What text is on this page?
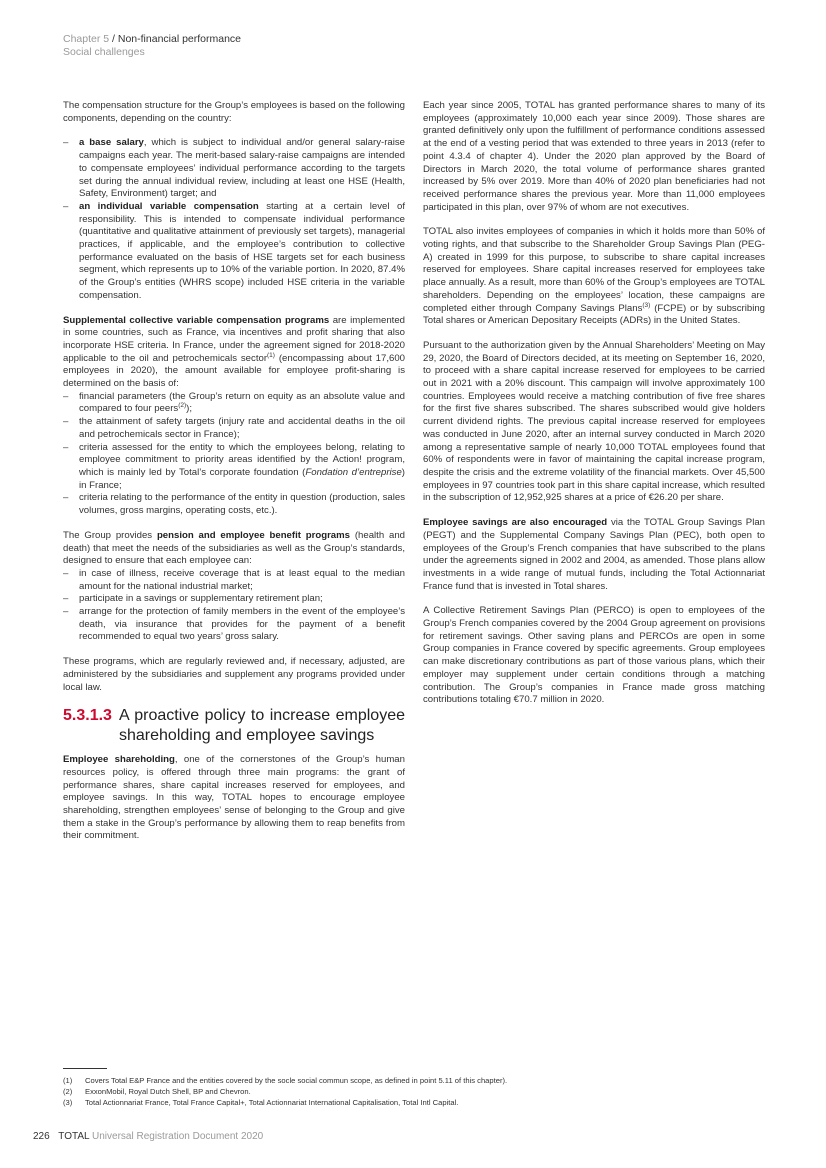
Chapter 5 / Non-financial performance
Social challenges

The compensation structure for the Group’s employees is based on the following components, depending on the country:

– a base salary, which is subject to individual and/or general salary-raise campaigns each year. The merit-based salary-raise campaigns are intended to compensate employees’ individual performance according to the targets set during the annual individual review, including at least one HSE (Health, Safety, Environment) target; and
– an individual variable compensation starting at a certain level of responsibility. This is intended to compensate individual performance (quantitative and qualitative attainment of previously set targets), managerial practices, if applicable, and the employee’s contribution to collective performance evaluated on the basis of HSE targets set for each business segment, which represents up to 10% of the variable portion. In 2020, 87.4% of the Group’s entities (WHRS scope) included HSE criteria in the variable compensation.

Supplemental collective variable compensation programs are implemented in some countries, such as France, via incentives and profit sharing that also incorporate HSE criteria. In France, under the agreement signed for 2018-2020 applicable to the oil and petrochemicals sector$^{(1)}$ (encompassing about 17,600 employees in 2020), the amount available for employee profit-sharing is determined on the basis of:

– financial parameters (the Group’s return on equity as an absolute value and compared to four peers$^{(2)}$);
– the attainment of safety targets (injury rate and accidental deaths in the oil and petrochemicals sector in France);
– criteria assessed for the entity to which the employees belong, relating to employee commitment to priority areas identified by the Action! program, which is mainly led by Total’s corporate foundation (Fondation d’entreprise) in France;
– criteria relating to the performance of the entity in question (production, sales volumes, gross margins, operating costs, etc.).

The Group provides pension and employee benefit programs (health and death) that meet the needs of the subsidiaries as well as the Group’s standards, designed to ensure that each employee can:

– in case of illness, receive coverage that is at least equal to the median amount for the national industrial market;
– participate in a savings or supplementary retirement plan;
– arrange for the protection of family members in the event of the employee’s death, via insurance that provides for the payment of a benefit recommended to equal two years’ gross salary.

These programs, which are regularly reviewed and, if necessary, adjusted, are administered by the subsidiaries and supplement any programs provided under local law.

5.3.1.3 A proactive policy to increase employee shareholding and employee savings

Employee shareholding, one of the cornerstones of the Group’s human resources policy, is offered through three main programs: the grant of performance shares, share capital increases reserved for employees, and employee savings. In this way, TOTAL hopes to encourage employee shareholding, strengthen employees’ sense of belonging to the Group and give them a stake in the Group’s performance by allowing them to reap benefits from their commitment.

Each year since 2005, TOTAL has granted performance shares to many of its employees (approximately 10,000 each year since 2009). Those shares are granted definitively only upon the fulfillment of performance conditions assessed at the end of a vesting period that was extended to three years in 2013 (refer to point 4.3.4 of chapter 4). Under the 2020 plan approved by the Board of Directors in March 2020, the total volume of performance shares granted increased by 5% over 2019. More than 40% of 2020 plan beneficiaries had not received performance shares the previous year. More than 11,000 employees participated in this plan, over 97% of whom are not executives.

TOTAL also invites employees of companies in which it holds more than 50% of voting rights, and that subscribe to the Shareholder Group Savings Plan (PEG-A) created in 1999 for this purpose, to subscribe to share capital increases reserved for employees. Share capital increases reserved for employees take place annually. As a result, more than 60% of the Group’s employees are TOTAL shareholders. Depending on the employees’ location, these campaigns are completed either through Company Savings Plans$^{(3)}$ (FCPE) or by subscribing Total shares or American Depositary Receipts (ADRs) in the United States.

Pursuant to the authorization given by the Annual Shareholders’ Meeting on May 29, 2020, the Board of Directors decided, at its meeting on September 16, 2020, to proceed with a share capital increase reserved for employees to be carried out in 2021 with a 20% discount. This campaign will involve approximately 100 countries. Employees would receive a matching contribution of five free shares for the first five shares subscribed. The shares subscribed would give holders current dividend rights. The previous capital increase reserved for employees was conducted in June 2020, after an internal survey conducted in March 2020 among a representative sample of nearly 10,000 TOTAL employees found that 60% of respondents were in favor of maintaining the capital increase program, despite the crisis and the extreme volatility of the financial markets. Over 45,500 employees in 97 countries took part in this share capital increase, which resulted in the subscription of 12,952,925 shares at a price of €26.20 per share.

Employee savings are also encouraged via the TOTAL Group Savings Plan (PEGT) and the Supplemental Company Savings Plan (PEC), both open to employees of the Group’s French companies that have subscribed to the plans under the agreements signed in 2002 and 2004, as amended. Those plans allow investments in a wide range of mutual funds, including the Total Actionnariat France fund that is invested in Total shares.

A Collective Retirement Savings Plan (PERCO) is open to employees of the Group’s French companies covered by the 2004 Group agreement on provisions for retirement savings. Other saving plans and PERCOs are open in some Group companies in France covered by specific agreements. Group employees can make discretionary contributions as part of those various plans, which their employer may supplement under certain conditions through a matching contribution. The Group’s companies in France made gross matching contributions totaling €70.7 million in 2020.

(1)	Covers Total E&P France and the entities covered by the socle social commun scope, as defined in point 5.11 of this chapter).
(2)	ExxonMobil, Royal Dutch Shell, BP and Chevron.
(3)	Total Actionnariat France, Total France Capital+, Total Actionnariat International Capitalisation, Total Intl Capital.
226 TOTAL Universal Registration Document 2020
